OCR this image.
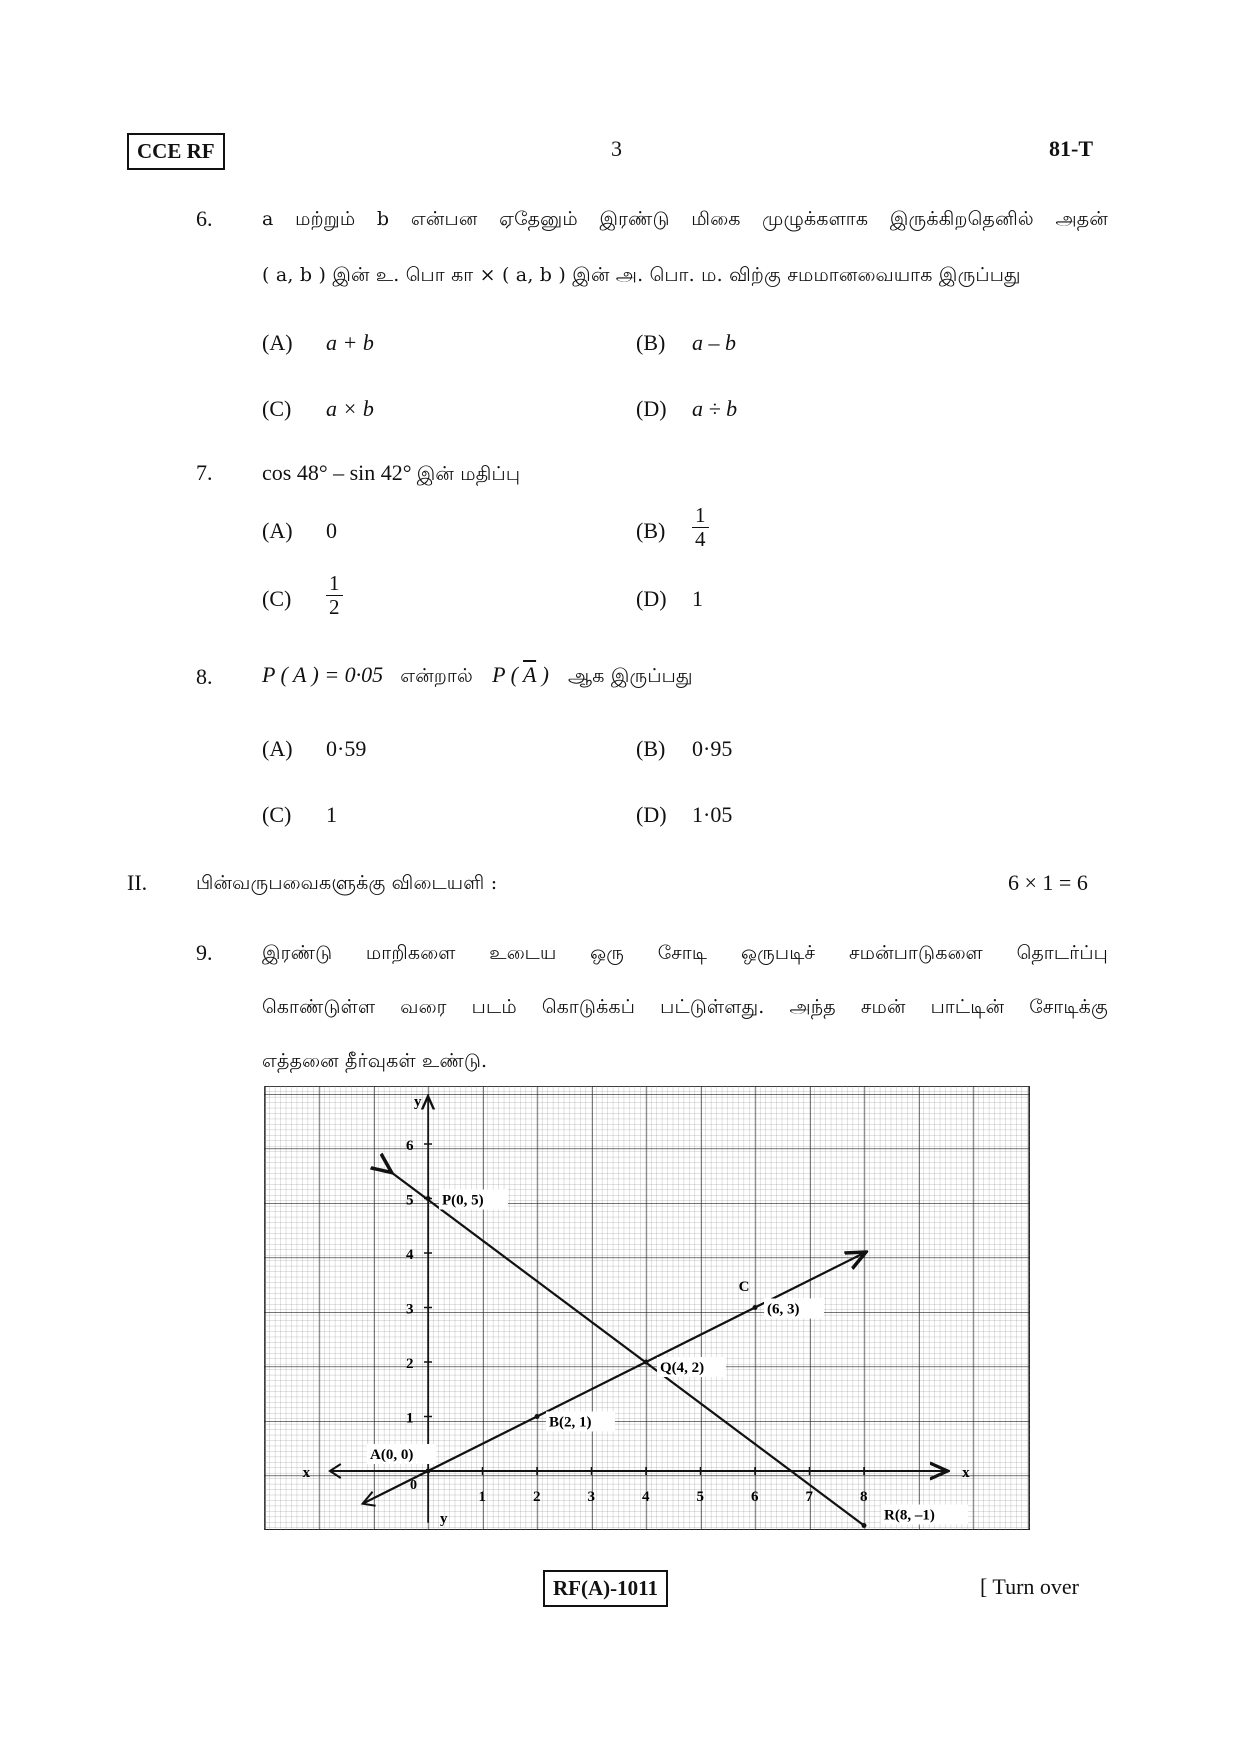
CCE RF	3	81-T
6.	a மற்றும் b என்பன ஏதேனும் இரண்டு மிகை முழுக்களாக இருக்கிறதெனில் அதன்
( a, b ) இன் உ. பொ கா × ( a, b ) இன் அ. பொ. ம. விற்கு சமமானவையாக இருப்பது
(A) a + b	(B) a – b
(C) a × b	(D) a ÷ b
7. cos 48° – sin 42° இன் மதிப்பு
(A) 0	$(B) \frac{1}{4}$
$(C) \frac{1}{2}$	(D) 1
8. P ( A ) = 0·05 என்றால் P ( $\overline{A}$ ) ஆக இருப்பது
(A) 0·59	(B) 0·95
(C) 1	(D) 1·05
II.	பின்வருபவைகளுக்கு விடையளி :	6 × 1 = 6
9.	இரண்டு மாறிகளை உடைய ஒரு சோடி ஒருபடிச் சமன்பாடுகளை தொடர்ப்பு
கொண்டுள்ள வரை படம் கொடுக்கப் பட்டுள்ளது. அந்த சமன் பாட்டின் சோடிக்கு
எத்தனை தீர்வுகள் உண்டு.
x
x
y
y
0
1	2	3	4	5	6	7	8
1
2
3
4
5
6
P(0, 5)
Q(4, 2)
R(8, –1)
A(0, 0)
B(2, 1)
(6, 3)
C
RF(A)-1011	[ Turn over
